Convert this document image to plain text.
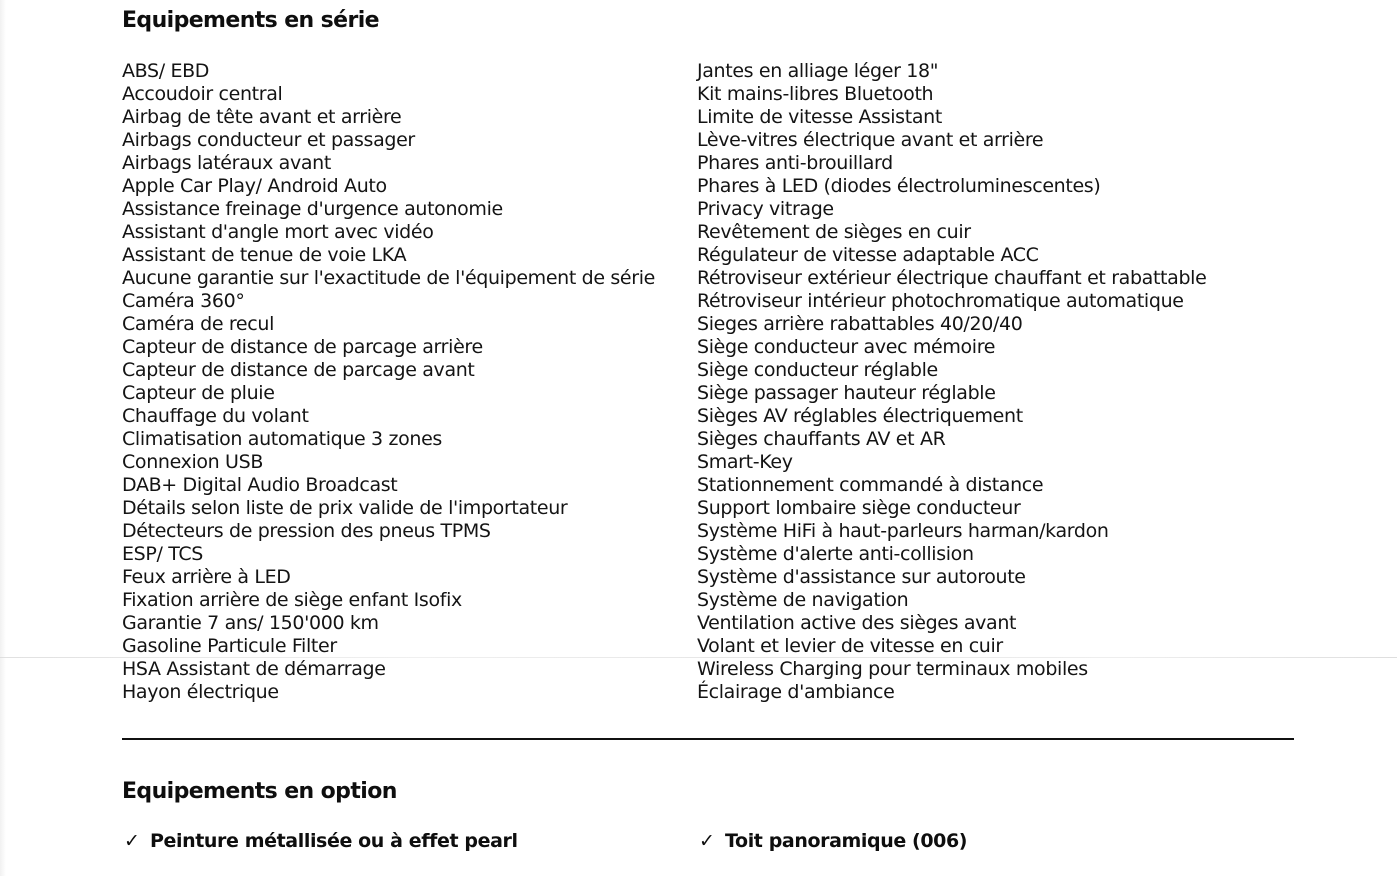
Equipements en série
ABS/ EBD
Accoudoir central
Airbag de tête avant et arrière
Airbags conducteur et passager
Airbags latéraux avant
Apple Car Play/ Android Auto
Assistance freinage d'urgence autonomie
Assistant d'angle mort avec vidéo
Assistant de tenue de voie LKA
Aucune garantie sur l'exactitude de l'équipement de série
Caméra 360°
Caméra de recul
Capteur de distance de parcage arrière
Capteur de distance de parcage avant
Capteur de pluie
Chauffage du volant
Climatisation automatique 3 zones
Connexion USB
DAB+ Digital Audio Broadcast
Détails selon liste de prix valide de l'importateur
Détecteurs de pression des pneus TPMS
ESP/ TCS
Feux arrière à LED
Fixation arrière de siège enfant Isofix
Garantie 7 ans/ 150'000 km
Gasoline Particule Filter
HSA Assistant de démarrage
Hayon électrique
Jantes en alliage léger 18"
Kit mains-libres Bluetooth
Limite de vitesse Assistant
Lève-vitres électrique avant et arrière
Phares anti-brouillard
Phares à LED (diodes électroluminescentes)
Privacy vitrage
Revêtement de sièges en cuir
Régulateur de vitesse adaptable ACC
Rétroviseur extérieur électrique chauffant et rabattable
Rétroviseur intérieur photochromatique automatique
Sieges arrière rabattables 40/20/40
Siège conducteur avec mémoire
Siège conducteur réglable
Siège passager hauteur réglable
Sièges AV réglables électriquement
Sièges chauffants AV et AR
Smart-Key
Stationnement commandé à distance
Support lombaire siège conducteur
Système HiFi à haut-parleurs harman/kardon
Système d'alerte anti-collision
Système d'assistance sur autoroute
Système de navigation
Ventilation active des sièges avant
Volant et levier de vitesse en cuir
Wireless Charging pour terminaux mobiles
Éclairage d'ambiance
Equipements en option
✓ Peinture métallisée ou à effet pearl	✓ Toit panoramique (006)
